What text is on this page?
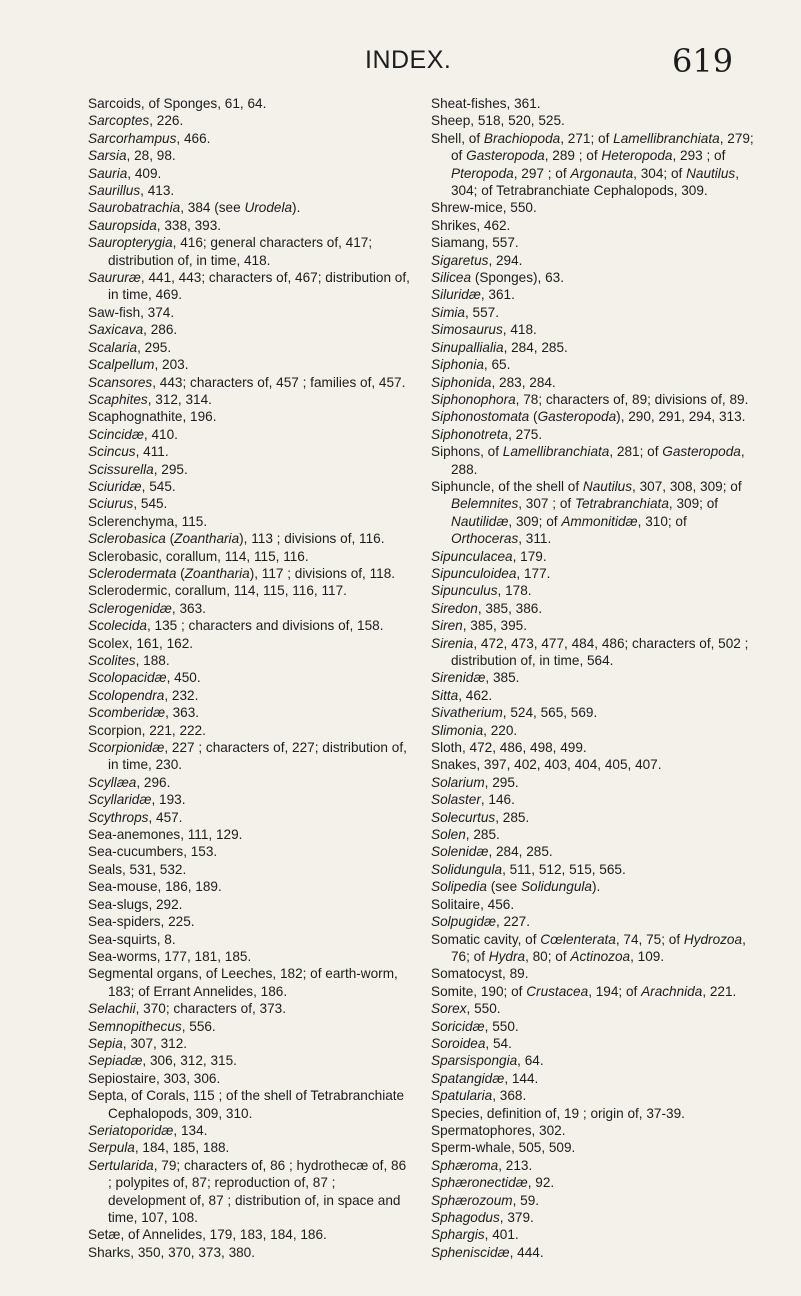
INDEX.	619
Sarcoids, of Sponges, 61, 64.
Sarcoptes, 226.
Sarcorhampus, 466.
Sarsia, 28, 98.
Sauria, 409.
Saurillus, 413.
Saurobatrachia, 384 (see Urodela).
Sauropsida, 338, 393.
Sauropterygia, 416; general characters of, 417; distribution of, in time, 418.
Saururæ, 441, 443; characters of, 467; distribution of, in time, 469.
Saw-fish, 374.
Saxicava, 286.
Scalaria, 295.
Scalpellum, 203.
Scansores, 443; characters of, 457 ; families of, 457.
Scaphites, 312, 314.
Scaphognathite, 196.
Scincidæ, 410.
Scincus, 411.
Scissurella, 295.
Sciuridæ, 545.
Sciurus, 545.
Sclerenchyma, 115.
Sclerobasica (Zoantharia), 113 ; divisions of, 116.
Sclerobasic, corallum, 114, 115, 116.
Sclerodermata (Zoantharia), 117 ; divisions of, 118.
Sclerodermic, corallum, 114, 115, 116, 117.
Sclerogenidæ, 363.
Scolecida, 135 ; characters and divisions of, 158.
Scolex, 161, 162.
Scolites, 188.
Scolopacidæ, 450.
Scolopendra, 232.
Scomberidæ, 363.
Scorpion, 221, 222.
Scorpionidæ, 227 ; characters of, 227; distribution of, in time, 230.
Scyllæa, 296.
Scyllaridæ, 193.
Scythrops, 457.
Sea-anemones, 111, 129.
Sea-cucumbers, 153.
Seals, 531, 532.
Sea-mouse, 186, 189.
Sea-slugs, 292.
Sea-spiders, 225.
Sea-squirts, 8.
Sea-worms, 177, 181, 185.
Segmental organs, of Leeches, 182; of earth-worm, 183; of Errant Annelides, 186.
Selachii, 370; characters of, 373.
Semnopithecus, 556.
Sepia, 307, 312.
Sepiadæ, 306, 312, 315.
Sepiostaire, 303, 306.
Septa, of Corals, 115 ; of the shell of Tetrabranchiate Cephalopods, 309, 310.
Seriatoporidæ, 134.
Serpula, 184, 185, 188.
Sertularida, 79; characters of, 86 ; hydrothecæ of, 86 ; polypites of, 87; reproduction of, 87 ; development of, 87 ; distribution of, in space and time, 107, 108.
Setæ, of Annelides, 179, 183, 184, 186.
Sharks, 350, 370, 373, 380.
Sheat-fishes, 361.
Sheep, 518, 520, 525.
Shell, of Brachiopoda, 271; of Lamellibranchiata, 279; of Gasteropoda, 289 ; of Heteropoda, 293 ; of Pteropoda, 297 ; of Argonauta, 304; of Nautilus, 304; of Tetrabranchiate Cephalopods, 309.
Shrew-mice, 550.
Shrikes, 462.
Siamang, 557.
Sigaretus, 294.
Silicea (Sponges), 63.
Siluridæ, 361.
Simia, 557.
Simosaurus, 418.
Sinupallialia, 284, 285.
Siphonia, 65.
Siphonida, 283, 284.
Siphonophora, 78; characters of, 89; divisions of, 89.
Siphonostomata (Gasteropoda), 290, 291, 294, 313.
Siphonotreta, 275.
Siphons, of Lamellibranchiata, 281; of Gasteropoda, 288.
Siphuncle, of the shell of Nautilus, 307, 308, 309; of Belemnites, 307 ; of Tetrabranchiata, 309; of Nautilidæ, 309; of Ammonitidæ, 310; of Orthoceras, 311.
Sipunculacea, 179.
Sipunculoidea, 177.
Sipunculus, 178.
Siredon, 385, 386.
Siren, 385, 395.
Sirenia, 472, 473, 477, 484, 486; characters of, 502 ; distribution of, in time, 564.
Sirenidæ, 385.
Sitta, 462.
Sivatherium, 524, 565, 569.
Slimonia, 220.
Sloth, 472, 486, 498, 499.
Snakes, 397, 402, 403, 404, 405, 407.
Solarium, 295.
Solaster, 146.
Solecurtus, 285.
Solen, 285.
Solenidæ, 284, 285.
Solidungula, 511, 512, 515, 565.
Solipedia (see Solidungula).
Solitaire, 456.
Solpugidæ, 227.
Somatic cavity, of Cœlenterata, 74, 75; of Hydrozoa, 76; of Hydra, 80; of Actinozoa, 109.
Somatocyst, 89.
Somite, 190; of Crustacea, 194; of Arachnida, 221.
Sorex, 550.
Soricidæ, 550.
Soroidea, 54.
Sparsispongia, 64.
Spatangidæ, 144.
Spatularia, 368.
Species, definition of, 19 ; origin of, 37-39.
Spermatophores, 302.
Sperm-whale, 505, 509.
Sphæroma, 213.
Sphæronectidæ, 92.
Sphærozoum, 59.
Sphagodus, 379.
Sphargis, 401.
Spheniscidæ, 444.
